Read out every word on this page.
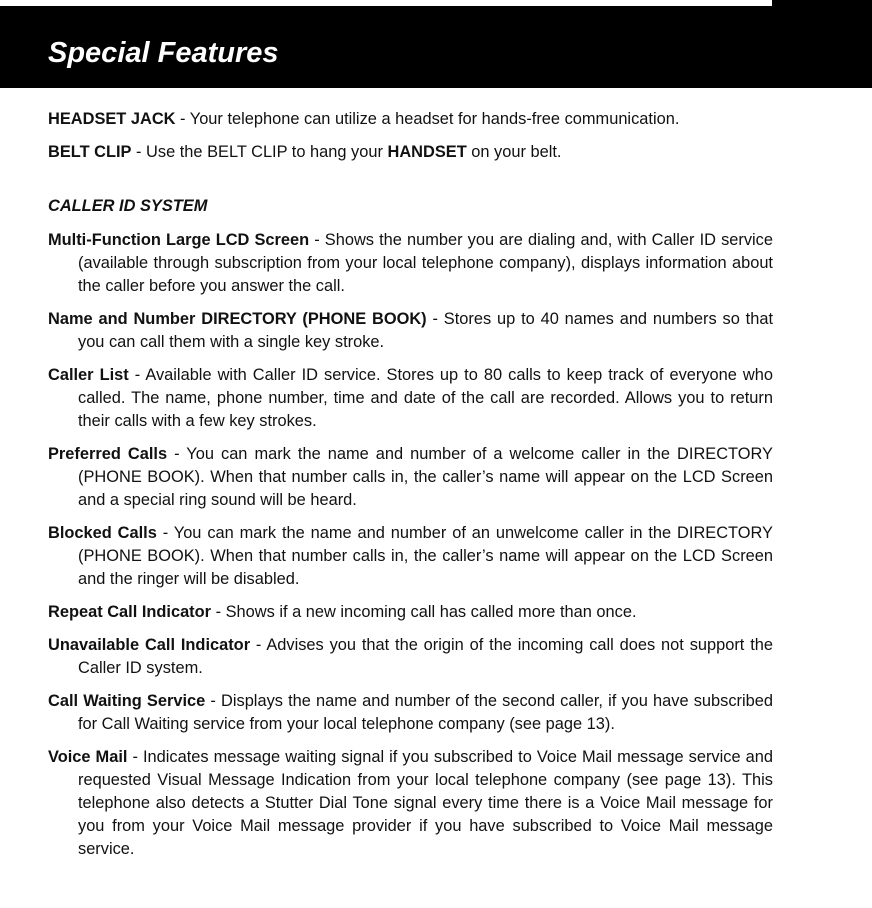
Special Features

HEADSET JACK - Your telephone can utilize a headset for hands-free communication.

BELT CLIP - Use the BELT CLIP to hang your HANDSET on your belt.

CALLER ID SYSTEM

Multi-Function Large LCD Screen - Shows the number you are dialing and, with Caller ID service (available through subscription from your local telephone company), displays information about the caller before you answer the call.

Name and Number DIRECTORY (PHONE BOOK) - Stores up to 40 names and numbers so that you can call them with a single key stroke.

Caller List - Available with Caller ID service. Stores up to 80 calls to keep track of everyone who called. The name, phone number, time and date of the call are recorded. Allows you to return their calls with a few key strokes.

Preferred Calls - You can mark the name and number of a welcome caller in the DIRECTORY (PHONE BOOK). When that number calls in, the caller’s name will appear on the LCD Screen and a special ring sound will be heard.

Blocked Calls - You can mark the name and number of an unwelcome caller in the DIRECTORY (PHONE BOOK). When that number calls in, the caller’s name will appear on the LCD Screen and the ringer will be disabled.

Repeat Call Indicator - Shows if a new incoming call has called more than once.

Unavailable Call Indicator - Advises you that the origin of the incoming call does not support the Caller ID system.

Call Waiting Service - Displays the name and number of the second caller, if you have subscribed for Call Waiting service from your local telephone company (see page 13).

Voice Mail - Indicates message waiting signal if you subscribed to Voice Mail message service and requested Visual Message Indication from your local telephone company (see page 13). This telephone also detects a Stutter Dial Tone signal every time there is a Voice Mail message for you from your Voice Mail message provider if you have subscribed to Voice Mail message service.
